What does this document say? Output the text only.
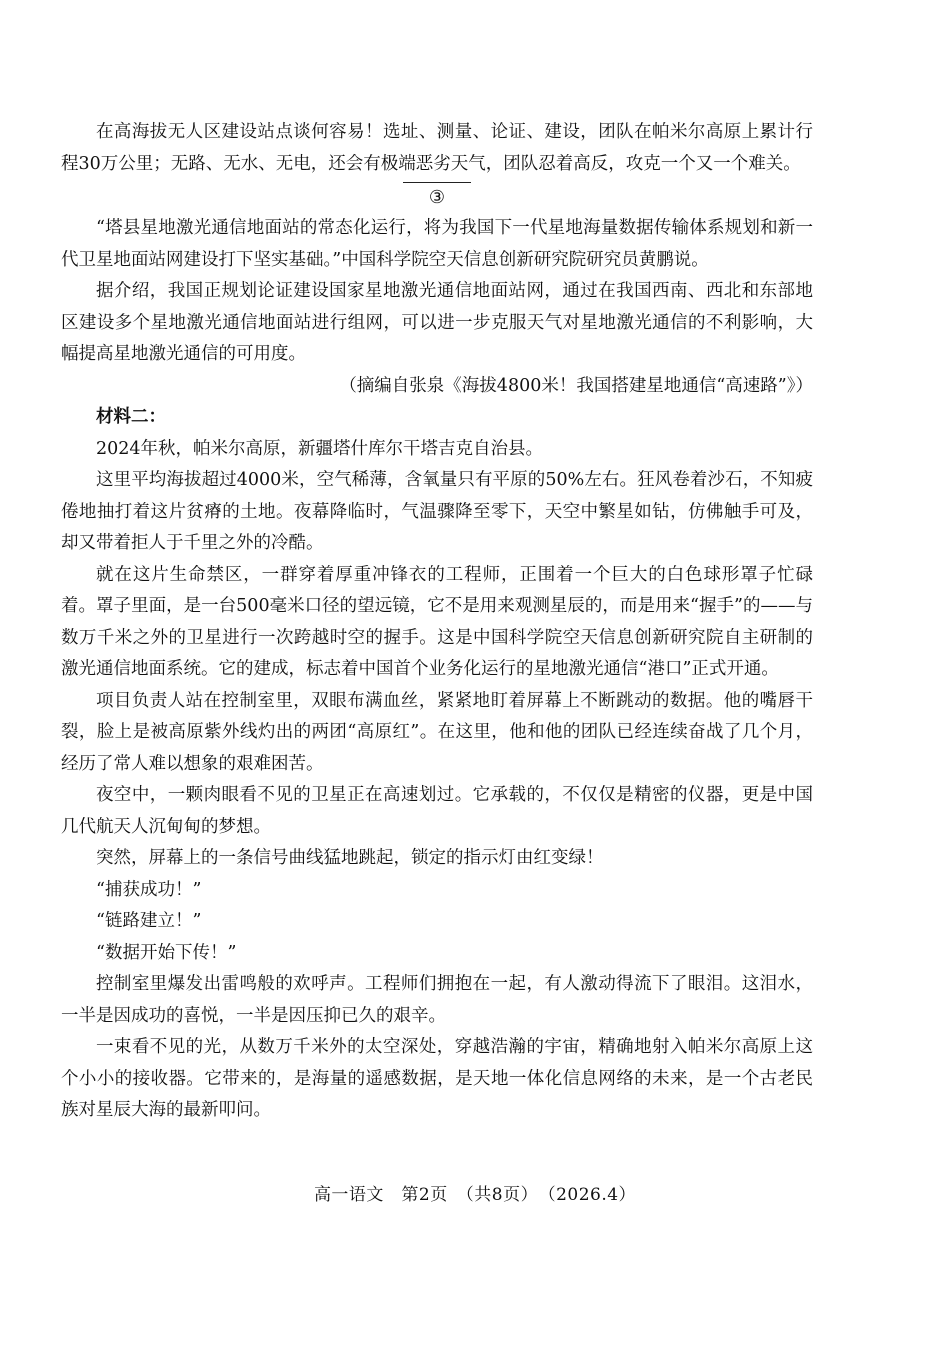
在高海拔无人区建设站点谈何容易！选址、测量、论证、建设，团队在帕米尔高原上累计行程30万公里；无路、无水、无电，还会有极端恶劣天气，团队忍着高反，攻克一个又一个难关。

③

“塔县星地激光通信地面站的常态化运行，将为我国下一代星地海量数据传输体系规划和新一代卫星地面站网建设打下坚实基础。”中国科学院空天信息创新研究院研究员黄鹏说。

据介绍，我国正规划论证建设国家星地激光通信地面站网，通过在我国西南、西北和东部地区建设多个星地激光通信地面站进行组网，可以进一步克服天气对星地激光通信的不利影响，大幅提高星地激光通信的可用度。

（摘编自张泉《海拔4800米！我国搭建星地通信“高速路”》）

材料二：

2024年秋，帕米尔高原，新疆塔什库尔干塔吉克自治县。

这里平均海拔超过4000米，空气稀薄，含氧量只有平原的50%左右。狂风卷着沙石，不知疲倦地抽打着这片贫瘠的土地。夜幕降临时，气温骤降至零下，天空中繁星如钻，仿佛触手可及，却又带着拒人于千里之外的冷酷。

就在这片生命禁区，一群穿着厚重冲锋衣的工程师，正围着一个巨大的白色球形罩子忙碌着。罩子里面，是一台500毫米口径的望远镜，它不是用来观测星辰的，而是用来“握手”的——与数万千米之外的卫星进行一次跨越时空的握手。这是中国科学院空天信息创新研究院自主研制的激光通信地面系统。它的建成，标志着中国首个业务化运行的星地激光通信“港口”正式开通。

项目负责人站在控制室里，双眼布满血丝，紧紧地盯着屏幕上不断跳动的数据。他的嘴唇干裂，脸上是被高原紫外线灼出的两团“高原红”。在这里，他和他的团队已经连续奋战了几个月，经历了常人难以想象的艰难困苦。

夜空中，一颗肉眼看不见的卫星正在高速划过。它承载的，不仅仅是精密的仪器，更是中国几代航天人沉甸甸的梦想。

突然，屏幕上的一条信号曲线猛地跳起，锁定的指示灯由红变绿！

“捕获成功！”

“链路建立！”

“数据开始下传！”

控制室里爆发出雷鸣般的欢呼声。工程师们拥抱在一起，有人激动得流下了眼泪。这泪水，一半是因成功的喜悦，一半是因压抑已久的艰辛。

一束看不见的光，从数万千米外的太空深处，穿越浩瀚的宇宙，精确地射入帕米尔高原上这个小小的接收器。它带来的，是海量的遥感数据，是天地一体化信息网络的未来，是一个古老民族对星辰大海的最新叩问。

高一语文　第2页　（共8页）　（2026.4）
